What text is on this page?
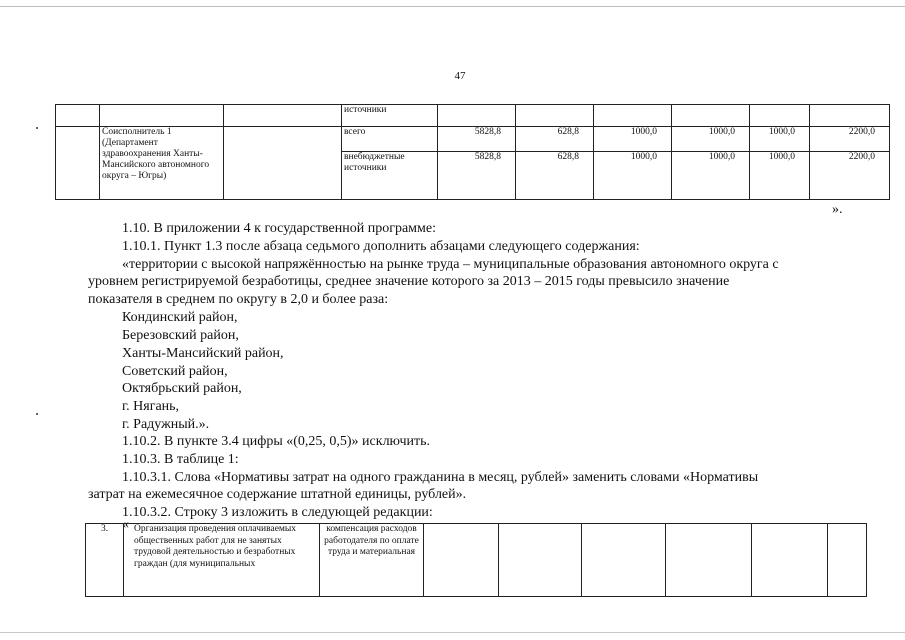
47
			источники						
	Соисполнитель 1 (Департамент здравоохранения Ханты-Мансийского автономного округа – Югры)		всего	5828,8	628,8	1000,0	1000,0	1000,0	2200,0
			внебюджетные источники	5828,8	628,8	1000,0	1000,0	1000,0	2200,0
».
1.10. В приложении 4 к государственной программе:
1.10.1. Пункт 1.3 после абзаца седьмого дополнить абзацами следующего содержания:
«территории с высокой напряжённостью на рынке труда – муниципальные образования автономного округа с
уровнем регистрируемой безработицы, среднее значение которого за 2013 – 2015 годы превысило значение
показателя в среднем по округу в 2,0 и более раза:
Кондинский район,
Березовский район,
Ханты-Мансийский район,
Советский район,
Октябрьский район,
г. Нягань,
г. Радужный.».
1.10.2. В пункте 3.4 цифры «(0,25, 0,5)» исключить.
1.10.3. В таблице 1:
1.10.3.1. Слова «Нормативы затрат на одного гражданина в месяц, рублей» заменить словами «Нормативы
затрат на ежемесячное содержание штатной единицы, рублей».
1.10.3.2. Строку 3 изложить в следующей редакции:
«
3.	Организация проведения оплачиваемых общественных работ для не занятых трудовой деятельностью и безработных граждан (для муниципальных	компенсация расходов работодателя по оплате труда и материальная						
